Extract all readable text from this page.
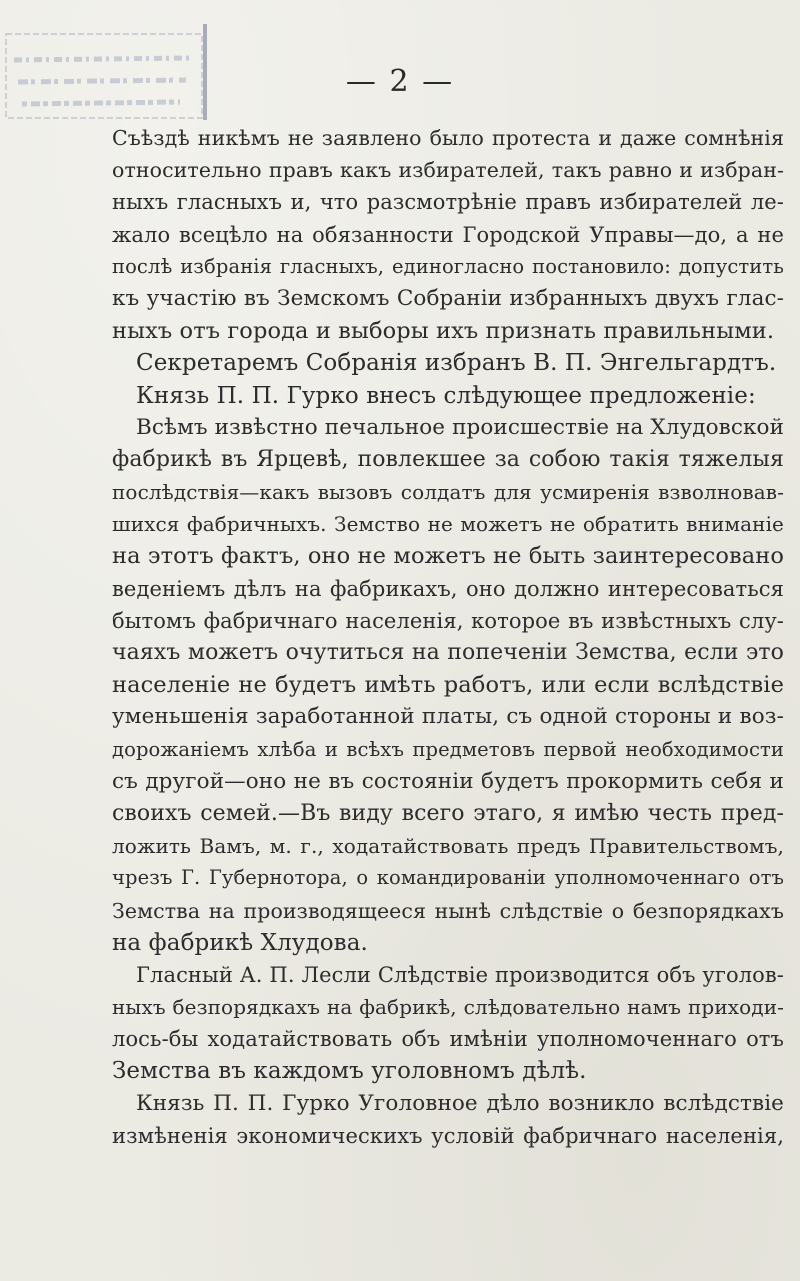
— 2 —
Съѣздѣ никѣмъ не заявлено было протеста и даже сомнѣнія
относительно правъ какъ избирателей, такъ равно и избран-
ныхъ гласныхъ и, что разсмотрѣніе правъ избирателей ле-
жало всецѣло на обязанности Городской Управы—до, а не
послѣ избранія гласныхъ, единогласно постановило: допустить
къ участію въ Земскомъ Собраніи избранныхъ двухъ глас-
ныхъ отъ города и выборы ихъ признать правильными.
Секретаремъ Собранія избранъ В. П. Энгельгардтъ.
Князь П. П. Гурко внесъ слѣдующее предложеніе:
Всѣмъ извѣстно печальное происшествіе на Хлудовской
фабрикѣ въ Ярцевѣ, повлекшее за собою такія тяжелыя
послѣдствія—какъ вызовъ солдатъ для усмиренія взволновав-
шихся фабричныхъ. Земство не можетъ не обратить вниманіе
на этотъ фактъ, оно не можетъ не быть заинтересовано
веденіемъ дѣлъ на фабрикахъ, оно должно интересоваться
бытомъ фабричнаго населенія, которое въ извѣстныхъ слу-
чаяхъ можетъ очутиться на попеченіи Земства, если это
населеніе не будетъ имѣть работъ, или если вслѣдствіе
уменьшенія заработанной платы, съ одной стороны и воз-
дорожаніемъ хлѣба и всѣхъ предметовъ первой необходимости
съ другой—оно не въ состояніи будетъ прокормить себя и
своихъ семей.—Въ виду всего этаго, я имѣю честь пред-
ложить Вамъ, м. г., ходатайствовать предъ Правительствомъ,
чрезъ Г. Губернотора, о командированіи уполномоченнаго отъ
Земства на производящееся нынѣ слѣдствіе о безпорядкахъ
на фабрикѣ Хлудова.
Гласный А. П. Лесли Слѣдствіе производится объ уголов-
ныхъ безпорядкахъ на фабрикѣ, слѣдовательно намъ приходи-
лось-бы ходатайствовать объ имѣніи уполномоченнаго отъ
Земства въ каждомъ уголовномъ дѣлѣ.
Князь П. П. Гурко Уголовное дѣло возникло вслѣдствіе
измѣненія экономическихъ условій фабричнаго населенія,
